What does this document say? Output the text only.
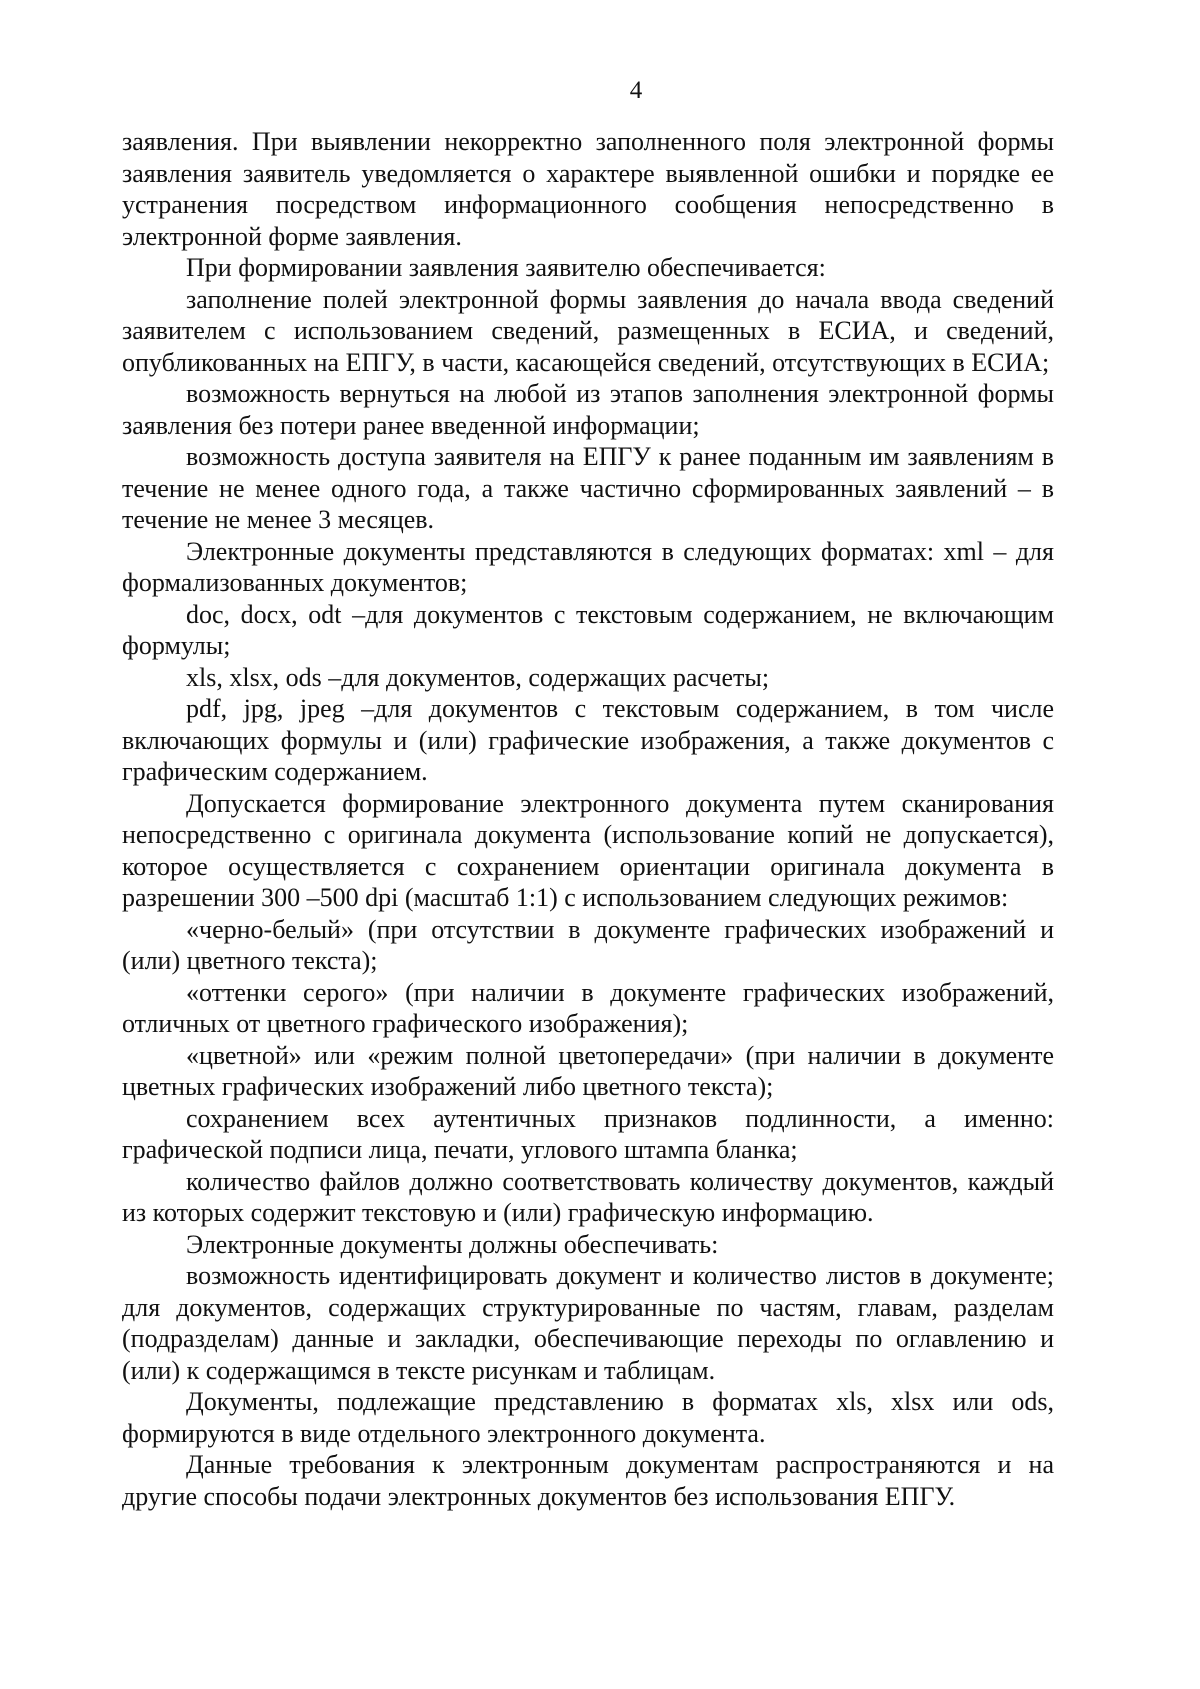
4

заявления. При выявлении некорректно заполненного поля электронной формы заявления заявитель уведомляется о характере выявленной ошибки и порядке ее устранения посредством информационного сообщения непосредственно в электронной форме заявления.

При формировании заявления заявителю обеспечивается:

заполнение полей электронной формы заявления до начала ввода сведений заявителем с использованием сведений, размещенных в ЕСИА, и сведений, опубликованных на ЕПГУ, в части, касающейся сведений, отсутствующих в ЕСИА;

возможность вернуться на любой из этапов заполнения электронной формы заявления без потери ранее введенной информации;

возможность доступа заявителя на ЕПГУ к ранее поданным им заявлениям в течение не менее одного года, а также частично сформированных заявлений – в течение не менее 3 месяцев.

Электронные документы представляются в следующих форматах: xml – для формализованных документов;

doc, docx, odt –для документов с текстовым содержанием, не включающим формулы;

xls, xlsx, ods –для документов, содержащих расчеты;

pdf, jpg, jpeg –для документов с текстовым содержанием, в том числе включающих формулы и (или) графические изображения, а также документов с графическим содержанием.

Допускается формирование электронного документа путем сканирования непосредственно с оригинала документа (использование копий не допускается), которое осуществляется с сохранением ориентации оригинала документа в разрешении 300 –500 dpi (масштаб 1:1) с использованием следующих режимов:

«черно-белый» (при отсутствии в документе графических изображений и (или) цветного текста);

«оттенки серого» (при наличии в документе графических изображений, отличных от цветного графического изображения);

«цветной» или «режим полной цветопередачи» (при наличии в документе цветных графических изображений либо цветного текста);

сохранением всех аутентичных признаков подлинности, а именно: графической подписи лица, печати, углового штампа бланка;

количество файлов должно соответствовать количеству документов, каждый из которых содержит текстовую и (или) графическую информацию.

Электронные документы должны обеспечивать:

возможность идентифицировать документ и количество листов в документе; для документов, содержащих структурированные по частям, главам, разделам (подразделам) данные и закладки, обеспечивающие переходы по оглавлению и (или) к содержащимся в тексте рисункам и таблицам.

Документы, подлежащие представлению в форматах xls, xlsx или ods, формируются в виде отдельного электронного документа.

Данные требования к электронным документам распространяются и на другие способы подачи электронных документов без использования ЕПГУ.
